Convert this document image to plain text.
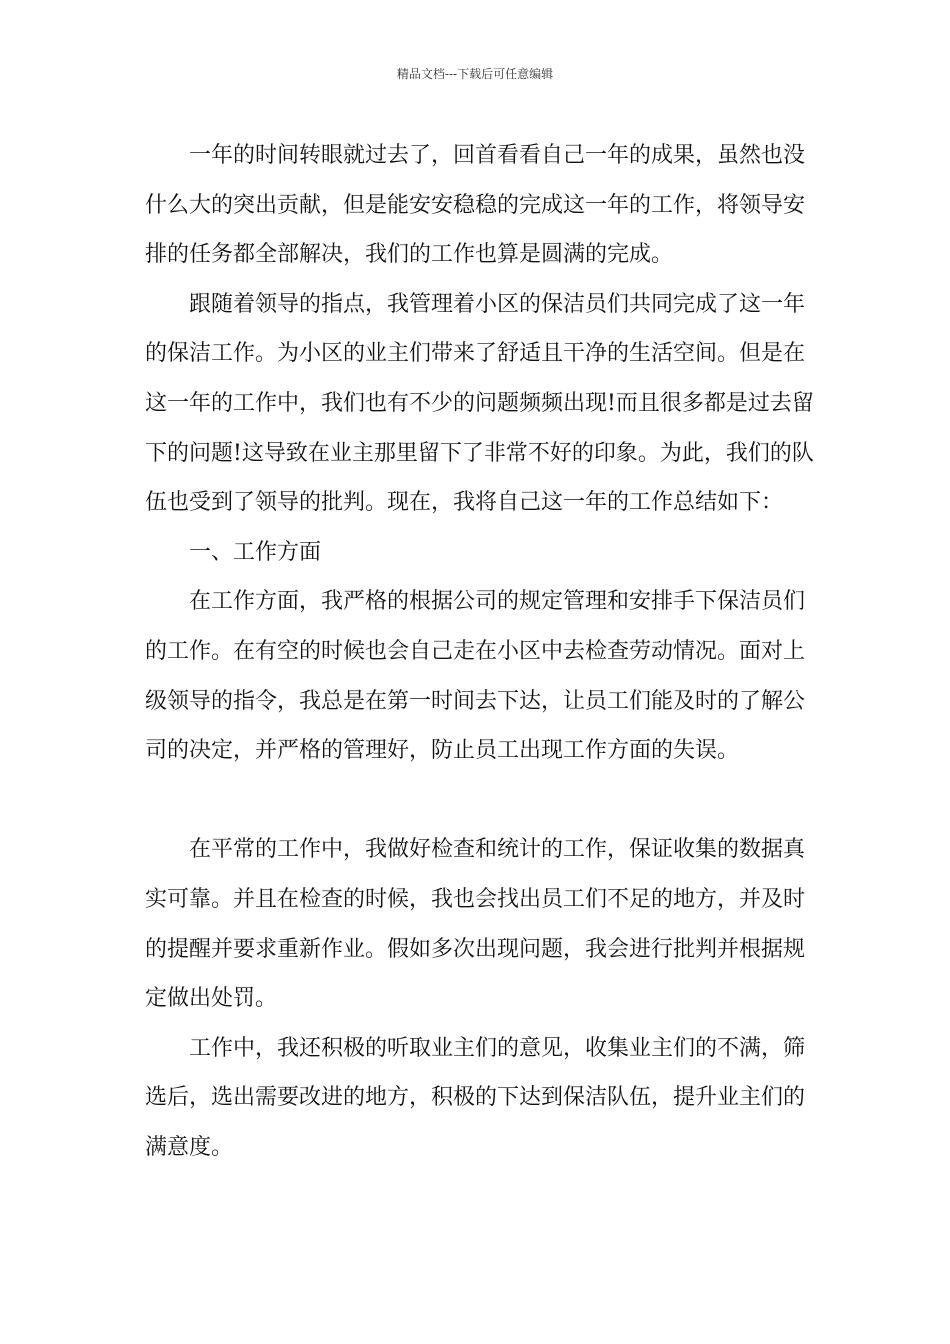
精品文档---下载后可任意编辑

一年的时间转眼就过去了，回首看看自己一年的成果，虽然也没什么大的突出贡献，但是能安安稳稳的完成这一年的工作，将领导安排的任务都全部解决，我们的工作也算是圆满的完成。

跟随着领导的指点，我管理着小区的保洁员们共同完成了这一年的保洁工作。为小区的业主们带来了舒适且干净的生活空间。但是在这一年的工作中，我们也有不少的问题频频出现!而且很多都是过去留下的问题!这导致在业主那里留下了非常不好的印象。为此，我们的队伍也受到了领导的批判。现在，我将自己这一年的工作总结如下：

一、工作方面

在工作方面，我严格的根据公司的规定管理和安排手下保洁员们的工作。在有空的时候也会自己走在小区中去检查劳动情况。面对上级领导的指令，我总是在第一时间去下达，让员工们能及时的了解公司的决定，并严格的管理好，防止员工出现工作方面的失误。

在平常的工作中，我做好检查和统计的工作，保证收集的数据真实可靠。并且在检查的时候，我也会找出员工们不足的地方，并及时的提醒并要求重新作业。假如多次出现问题，我会进行批判并根据规定做出处罚。

工作中，我还积极的听取业主们的意见，收集业主们的不满，筛选后，选出需要改进的地方，积极的下达到保洁队伍，提升业主们的满意度。
